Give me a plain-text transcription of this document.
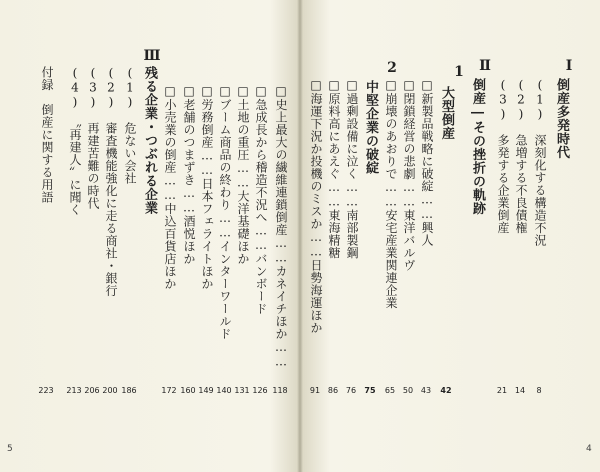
□史上最大の繊維連鎖倒産……カネイチほか……
118
□急成長から稽造不況へ……バンボード
126
□土地の重圧……大洋基礎ほか
131
□ブーム商品の終わり……インターワールド
140
□労務倒産……日本フェライトほか
149
□老舗のつまずき……酒悦ほか
160
□小売業の倒産……中込百貨店ほか
172
残る企業・つぶれる企業
Ⅲ
(1)　危ない会社
186
(2)　審査機能強化に走る商社・銀行
200
(3)　再建苦難の時代
206
(4)　〝再建人〟に聞く
213
付録　倒産に関する用語
223
5
Ⅰ
倒産多発時代
(1)　深刻化する構造不況
8
(2)　急増する不良債権
14
(3)　多発する企業倒産
21
Ⅱ
倒産―その挫折の軌跡
1
大型倒産
42
□新製品戦略に破綻……興人
43
□閉鎖経営の悲劇……東洋バルヴ
50
□崩壊のあおりで……安宅産業関連企業
65
2
中堅企業の破綻
75
□過剰設備に泣く……南部製鋼
76
□原料高にあえぐ……東海精糖
86
□海運下況か投機のミスか……日勢海運ほか
91
4
